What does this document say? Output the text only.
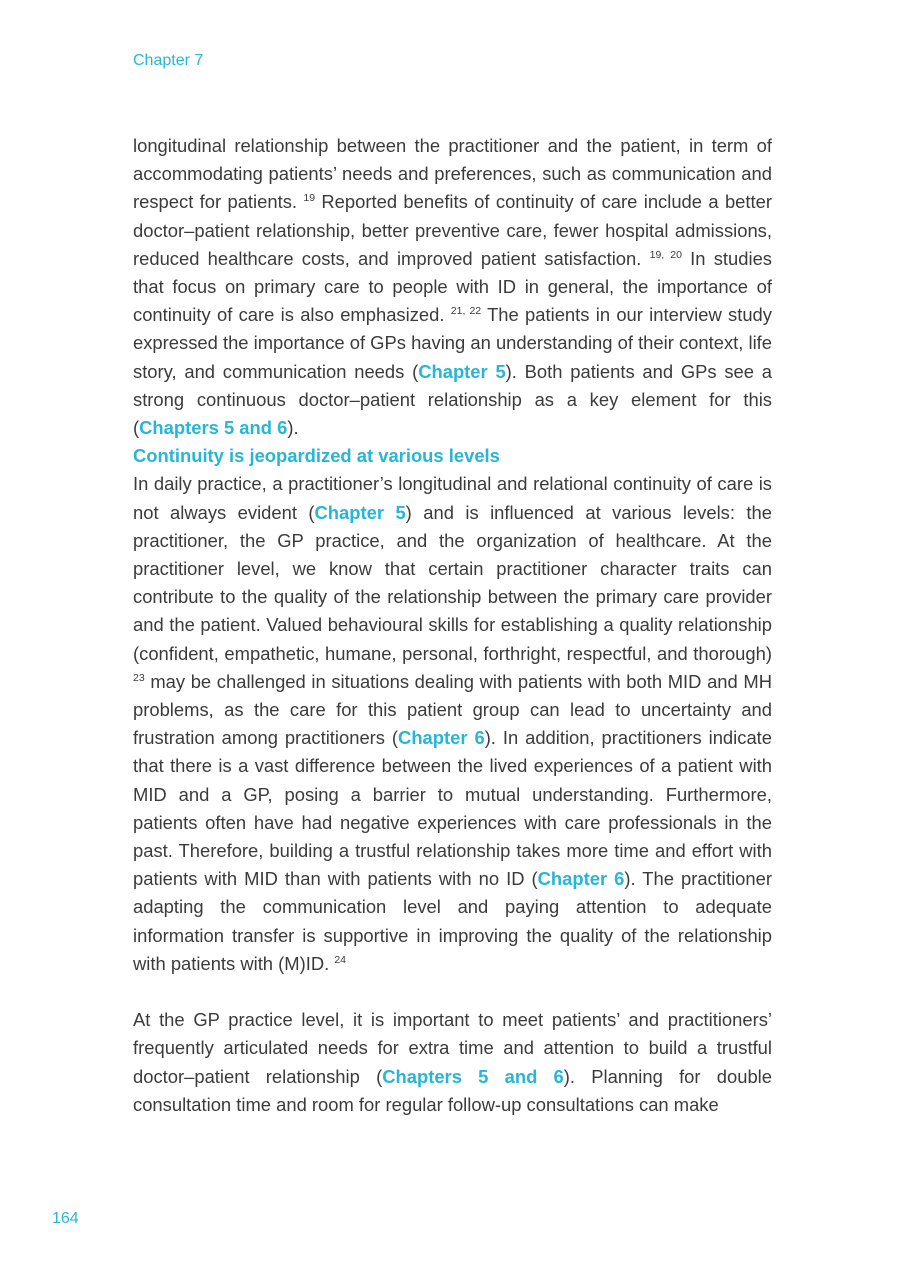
Chapter 7

longitudinal relationship between the practitioner and the patient, in term of accommodating patients’ needs and preferences, such as communication and respect for patients. $^{19}$ Reported benefits of continuity of care include a better doctor–patient relationship, better preventive care, fewer hospital admissions, reduced healthcare costs, and improved patient satisfaction. $^{19, 20}$ In studies that focus on primary care to people with ID in general, the importance of continuity of care is also emphasized. $^{21, 22}$ The patients in our interview study expressed the importance of GPs having an understanding of their context, life story, and communication needs (Chapter 5). Both patients and GPs see a strong continuous doctor–patient relationship as a key element for this (Chapters 5 and 6).

Continuity is jeopardized at various levels

In daily practice, a practitioner’s longitudinal and relational continuity of care is not always evident (Chapter 5) and is influenced at various levels: the practitioner, the GP practice, and the organization of healthcare. At the practitioner level, we know that certain practitioner character traits can contribute to the quality of the relationship between the primary care provider and the patient. Valued behavioural skills for establishing a quality relationship (confident, empathetic, humane, personal, forthright, respectful, and thorough) $^{23}$ may be challenged in situations dealing with patients with both MID and MH problems, as the care for this patient group can lead to uncertainty and frustration among practitioners (Chapter 6). In addition, practitioners indicate that there is a vast difference between the lived experiences of a patient with MID and a GP, posing a barrier to mutual understanding. Furthermore, patients often have had negative experiences with care professionals in the past. Therefore, building a trustful relationship takes more time and effort with patients with MID than with patients with no ID (Chapter 6). The practitioner adapting the communication level and paying attention to adequate information transfer is supportive in improving the quality of the relationship with patients with (M)ID. $^{24}$

At the GP practice level, it is important to meet patients’ and practitioners’ frequently articulated needs for extra time and attention to build a trustful doctor–patient relationship (Chapters 5 and 6). Planning for double consultation time and room for regular follow-up consultations can make

164
